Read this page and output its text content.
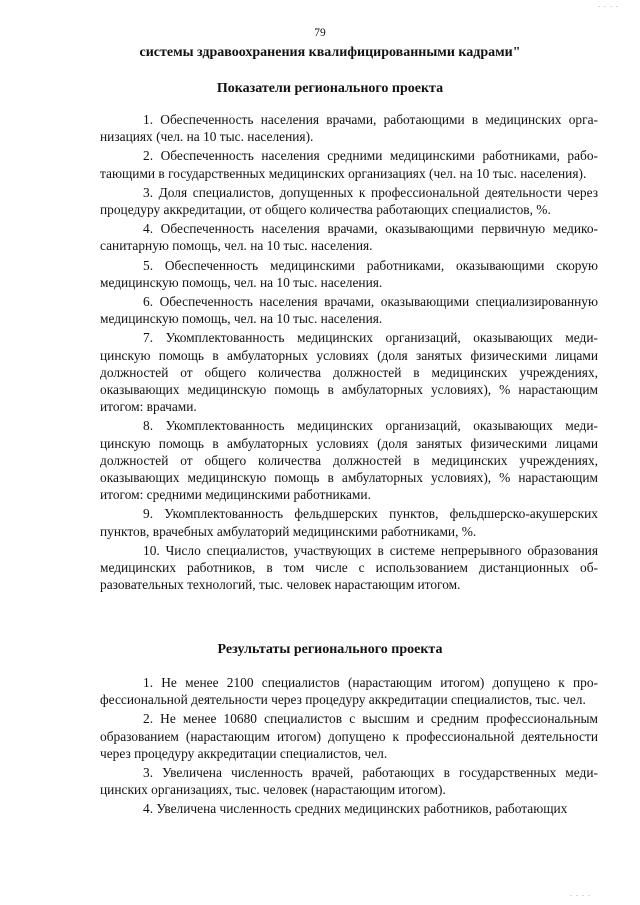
79
системы здравоохранения квалифицированными кадрами"
Показатели регионального проекта

1. Обеспеченность населения врачами, работающими в медицинских организациях (чел. на 10 тыс. населения).

2. Обеспеченность населения средними медицинскими работниками, работающими в государственных медицинских организациях (чел. на 10 тыс. населения).

3. Доля специалистов, допущенных к профессиональной деятельности через процедуру аккредитации, от общего количества работающих специалистов, %.

4. Обеспеченность населения врачами, оказывающими первичную медико-санитарную помощь, чел. на 10 тыс. населения.

5. Обеспеченность медицинскими работниками, оказывающими скорую медицинскую помощь, чел. на 10 тыс. населения.

6. Обеспеченность населения врачами, оказывающими специализированную медицинскую помощь, чел. на 10 тыс. населения.

7. Укомплектованность медицинских организаций, оказывающих медицинскую помощь в амбулаторных условиях (доля занятых физическими лицами должностей от общего количества должностей в медицинских учреждениях, оказывающих медицинскую помощь в амбулаторных условиях), % нарастающим итогом: врачами.

8. Укомплектованность медицинских организаций, оказывающих медицинскую помощь в амбулаторных условиях (доля занятых физическими лицами должностей от общего количества должностей в медицинских учреждениях, оказывающих медицинскую помощь в амбулаторных условиях), % нарастающим итогом: средними медицинскими работниками.

9. Укомплектованность фельдшерских пунктов, фельдшерско-акушерских пунктов, врачебных амбулаторий медицинскими работниками, %.

10. Число специалистов, участвующих в системе непрерывного образования медицинских работников, в том числе с использованием дистанционных образовательных технологий, тыс. человек нарастающим итогом.

Результаты регионального проекта

1. Не менее 2100 специалистов (нарастающим итогом) допущено к профессиональной деятельности через процедуру аккредитации специалистов, тыс. чел.

2. Не менее 10680 специалистов с высшим и средним профессиональным образованием (нарастающим итогом) допущено к профессиональной деятельности через процедуру аккредитации специалистов, чел.

3. Увеличена численность врачей, работающих в государственных медицинских организациях, тыс. человек (нарастающим итогом).

4. Увеличена численность средних медицинских работников, работающих

. . . .
. . . .
